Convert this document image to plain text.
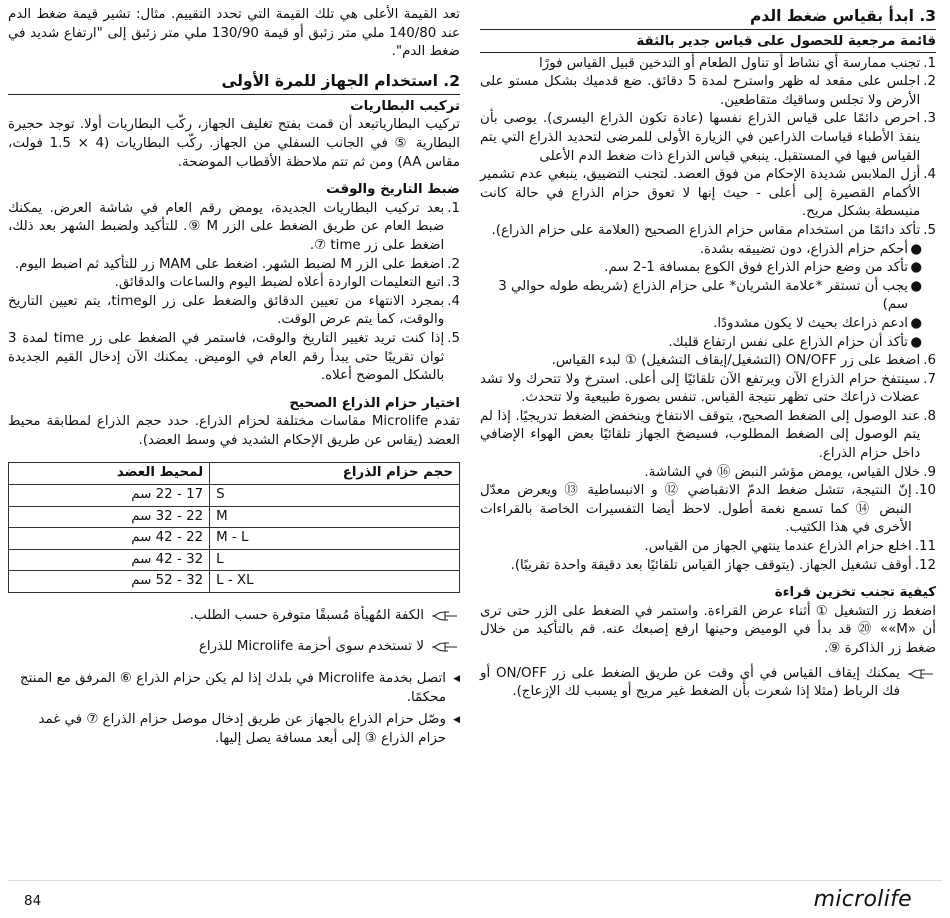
تعد القيمة الأعلى هي تلك القيمة التي تحدد التقييم. مثال: تشير قيمة ضغط الدم عند 140/80 ملي متر زئبق أو قيمة 130/90 ملي متر زئبق إلى "ارتفاع شديد في ضغط الدم".

2. استخدام الجهاز للمرة الأولى
تركيب البطاريات

تركيب البطارياتبعد أن قمت بفتح تغليف الجهاز، ركّب البطاريات أولا. توجد حجيرة البطارية ⑤ في الجانب السفلي من الجهاز. ركّب البطاريات (4 × 1.5 فولت، مقاس AA) ومن ثم تتم ملاحظة الأقطاب الموضحة.

ضبط التاريخ والوقت
1.
بعد تركيب البطاريات الجديدة، يومض رقم العام في شاشة العرض. يمكنك ضبط العام عن طريق الضغط على الزر M ⑨. للتأكيد ولضبط الشهر بعد ذلك، اضغط على زر time ⑦.
2.
اضغط على الزر M لضبط الشهر. اضغط على MAM زر للتأكيد ثم اضبط اليوم.
3.
اتبع التعليمات الواردة أعلاه لضبط اليوم والساعات والدقائق.
4.
بمجرد الانتهاء من تعيين الدقائق والضغط على زر الوtime، يتم تعيين التاريخ والوقت، كما يتم عرض الوقت.
5.
إذا كنت تريد تغيير التاريخ والوقت، فاستمر في الضغط على زر time لمدة 3 ثوان تقريبًا حتى يبدأ رقم العام في الوميض. يمكنك الآن إدخال القيم الجديدة بالشكل الموضح أعلاه.
اختيار حزام الذراع الصحيح

تقدم Microlife مقاسات مختلفة لحزام الذراع. حدد حجم الذراع لمطابقة محيط العضد (يقاس عن طريق الإحكام الشديد في وسط العضد).

حجم حزام الذراع	لمحيط العضد
S	17 - 22 سم
M	22 - 32 سم
M - L	22 - 42 سم
L	32 - 42 سم
L - XL	32 - 52 سم
الكفة المُهيأة مُسبقًا متوفرة حسب الطلب.
لا تستخدم سوى أحزمة Microlife للذراع
◀
اتصل بخدمة Microlife في بلدك إذا لم يكن حزام الذراع ⑥ المرفق مع المنتج محكمًا.
◀
وصّل حزام الذراع بالجهاز عن طريق إدخال موصل حزام الذراع ⑦ في غمد حزام الذراع ③ إلى أبعد مسافة يصل إليها.
3. ابدأ بقياس ضغط الدم
قائمة مرجعية للحصول على قياس جدير بالثقة
1.
تجنب ممارسة أي نشاط أو تناول الطعام أو التدخين قبيل القياس فورًا
2.
اجلس على مقعد له ظهر واسترح لمدة 5 دقائق. ضع قدميك بشكل مستو على الأرض ولا تجلس وساقيك متقاطعين.
3.
احرص دائمًا على قياس الذراع نفسها (عادة تكون الذراع اليسرى). يوصى بأن ينفذ الأطباء قياسات الذراعين في الزيارة الأولى للمرضى لتحديد الذراع التي يتم القياس فيها في المستقبل. ينبغي قياس الذراع ذات ضغط الدم الأعلى
4.
أزل الملابس شديدة الإحكام من فوق العضد. لتجنب التضييق، ينبغي عدم تشمير الأكمام القصيرة إلى أعلى - حيث إنها لا تعوق حزام الذراع في حالة كانت منبسطة بشكل مريح.
5.
تأكد دائمًا من استخدام مقاس حزام الذراع الصحيح (العلامة على حزام الذراع).
●
أحكم حزام الذراع، دون تضييقه بشدة.
●
تأكد من وضع حزام الذراع فوق الكوع بمسافة 1-2 سم.
●
يجب أن تستقر *علامة الشريان* على حزام الذراع (شريطه طوله حوالي 3 سم)
●
ادعم ذراعك بحيث لا يكون مشدودًا.
●
تأكد أن حزام الذراع على نفس ارتفاع قلبك.
6.
اضغط على زر ON/OFF (التشغيل/إيقاف التشغيل) ① لبدء القياس.
7.
سينتفخ حزام الذراع الآن ويرتفع الآن تلقائيًا إلى أعلى. استرخ ولا تتحرك ولا تشد عضلات ذراعك حتى تظهر نتيجة القياس. تنفس بصورة طبيعية ولا تتحدث.
8.
عند الوصول إلى الضغط الصحيح، يتوقف الانتفاخ وينخفض الضغط تدريجيًا. إذا لم يتم الوصول إلى الضغط المطلوب، فسيضخ الجهاز تلقائيًا بعض الهواء الإضافي داخل حزام الذراع.
9.
خلال القياس، يومض مؤشر النبض ⑯ في الشاشة.
10.
إنّ النتيجة، تتشل ضغط الدمّ الانقباضي ⑫ و الانبساطية ⑬ ويعرض معدّل النبض ⑭ كما تسمع نغمة أطول. لاحظ أيضا التفسيرات الخاصة بالقراءات الأخرى في هذا الكتيب.
11.
اخلع حزام الذراع عندما ينتهي الجهاز من القياس.
12.
أوقف تشغيل الجهاز. (يتوقف جهاز القياس تلقائيًا بعد دقيقة واحدة تقريبًا).
كيفية تجنب تخزين قراءة

اضغط زر التشغيل ① أثناء عرض القراءة. واستمر في الضغط على الزر حتى ترى أن «M»» ⑳ قد بدأ في الوميض وحينها ارفع إصبعك عنه. قم بالتأكيد من خلال ضغط زر الذاكرة ⑨.

يمكنك إيقاف القياس في أي وقت عن طريق الضغط على زر ON/OFF أو فك الرباط (مثلا إذا شعرت بأن الضغط غير مريح أو يسبب لك الإزعاج).
84	microlife
